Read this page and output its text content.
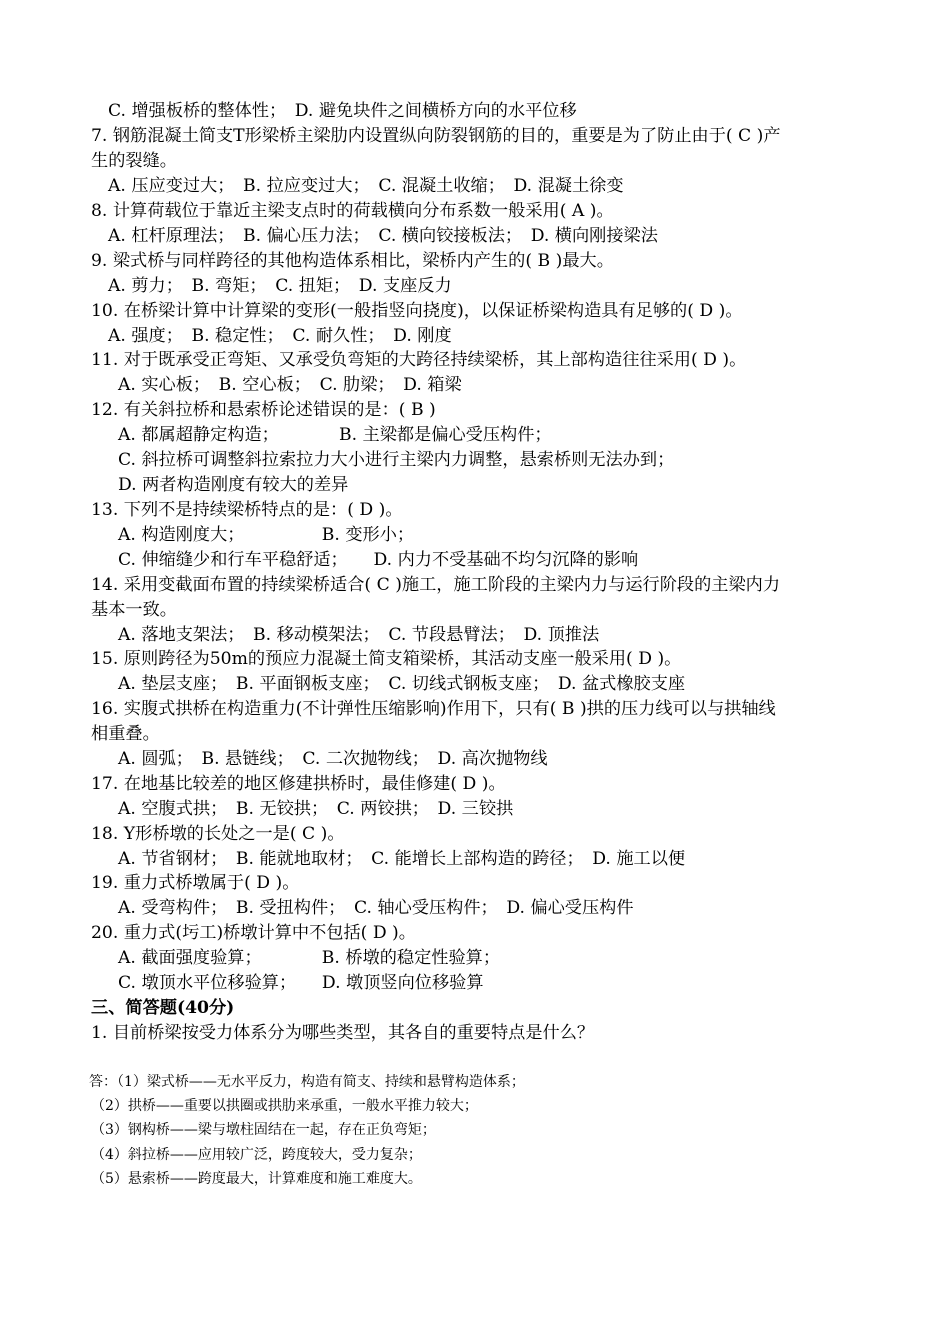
C. 增强板桥的整体性；　D. 避免块件之间横桥方向的水平位移
7. 钢筋混凝土简支T形梁桥主梁肋内设置纵向防裂钢筋的目的，重要是为了防止由于( C )产
生的裂缝。
A. 压应变过大；　B. 拉应变过大；　C. 混凝土收缩；　D. 混凝土徐变
8. 计算荷载位于靠近主梁支点时的荷载横向分布系数一般采用( A )。
A. 杠杆原理法；　B. 偏心压力法；　C. 横向铰接板法；　D. 横向刚接梁法
9. 梁式桥与同样跨径的其他构造体系相比，梁桥内产生的( B )最大。
A. 剪力；　B. 弯矩；　C. 扭矩；　D. 支座反力
10. 在桥梁计算中计算梁的变形(一般指竖向挠度)，以保证桥梁构造具有足够的( D )。
A. 强度；　B. 稳定性；　C. 耐久性；　D. 刚度
11. 对于既承受正弯矩、又承受负弯矩的大跨径持续梁桥，其上部构造往往采用( D )。
A. 实心板；　B. 空心板；　C. 肋梁；　D. 箱梁
12. 有关斜拉桥和悬索桥论述错误的是：( B )
A. 都属超静定构造；　　　　B. 主梁都是偏心受压构件；
C. 斜拉桥可调整斜拉索拉力大小进行主梁内力调整，悬索桥则无法办到；
D. 两者构造刚度有较大的差异
13. 下列不是持续梁桥特点的是：( D )。
A. 构造刚度大；　　　　　B. 变形小；
C. 伸缩缝少和行车平稳舒适；　　D. 内力不受基础不均匀沉降的影响
14. 采用变截面布置的持续梁桥适合( C )施工，施工阶段的主梁内力与运行阶段的主梁内力
基本一致。
A. 落地支架法；　B. 移动模架法；　C. 节段悬臂法；　D. 顶推法
15. 原则跨径为50m的预应力混凝土简支箱梁桥，其活动支座一般采用( D )。
A. 垫层支座；　B. 平面钢板支座；　C. 切线式钢板支座；　D. 盆式橡胶支座
16. 实腹式拱桥在构造重力(不计弹性压缩影响)作用下，只有( B )拱的压力线可以与拱轴线
相重叠。
A. 圆弧；　B. 悬链线；　C. 二次抛物线；　D. 高次抛物线
17. 在地基比较差的地区修建拱桥时，最佳修建( D )。
A. 空腹式拱；　B. 无铰拱；　C. 两铰拱；　D. 三铰拱
18. Y形桥墩的长处之一是( C )。
A. 节省钢材；　B. 能就地取材；　C. 能增长上部构造的跨径；　D. 施工以便
19. 重力式桥墩属于( D )。
A. 受弯构件；　B. 受扭构件；　C. 轴心受压构件；　D. 偏心受压构件
20. 重力式(圬工)桥墩计算中不包括( D )。
A. 截面强度验算；　　　　B. 桥墩的稳定性验算；
C. 墩顶水平位移验算；　　D. 墩顶竖向位移验算
三、简答题(40分)
1. 目前桥梁按受力体系分为哪些类型，其各自的重要特点是什么？
答：（1）梁式桥——无水平反力，构造有简支、持续和悬臂构造体系；
（2）拱桥——重要以拱圈或拱肋来承重，一般水平推力较大；
（3）钢构桥——梁与墩柱固结在一起，存在正负弯矩；
（4）斜拉桥——应用较广泛，跨度较大，受力复杂；
（5）悬索桥——跨度最大，计算难度和施工难度大。
